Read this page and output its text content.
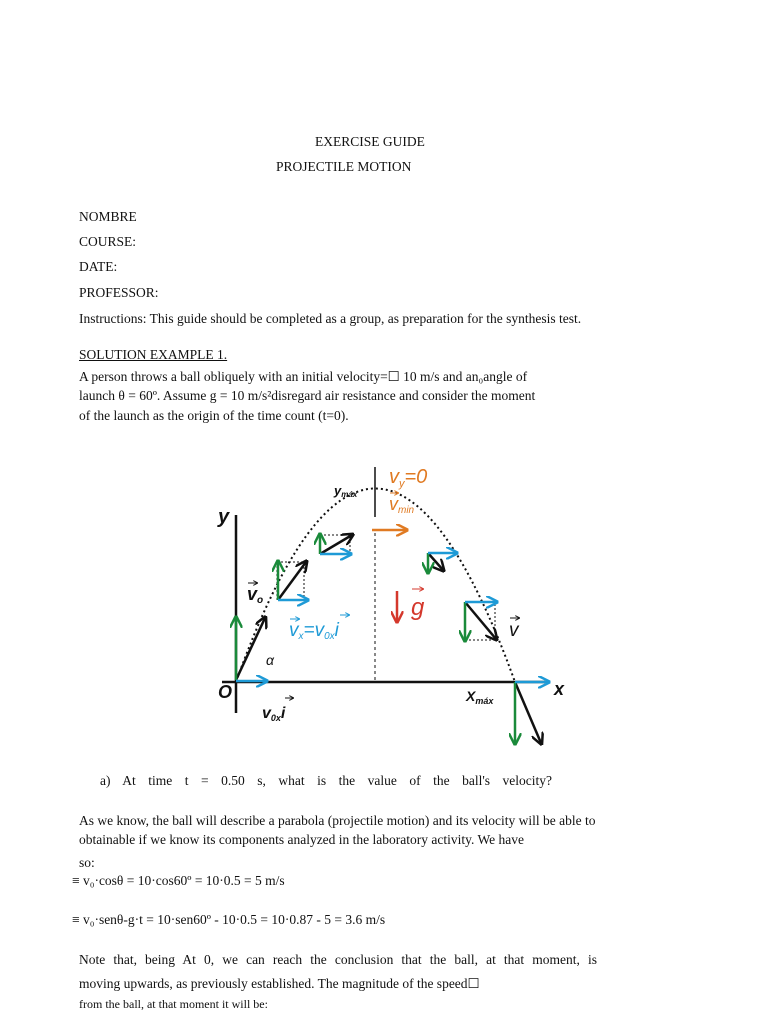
EXERCISE GUIDE
PROJECTILE MOTION
NOMBRE
COURSE:
DATE:
PROFESSOR:
Instructions: This guide should be completed as a group, as preparation for the synthesis test.
SOLUTION EXAMPLE 1.
A person throws a ball obliquely with an initial velocity=☐ 10 m/s and an₀angle of
launch θ = 60º. Assume g = 10 m/s²disregard air resistance and consider the moment
of the launch as the origin of the time count (t=0).
y
x
O
ymáx
$v_y=0$
vmin
α
g
v
vo
vx=v0xi
v0xi
$X_{máx}$
a) At time t = 0.50 s, what is the value of the ball's velocity?
As we know, the ball will describe a parabola (projectile motion) and its velocity will be able to
obtainable if we know its components analyzed in the laboratory activity. We have
so:
≡ v₀·cosθ = 10·cos60º = 10·0.5 = 5 m/s
≡ v₀·senθ-g·t = 10·sen60º - 10·0.5 = 10·0.87 - 5 = 3.6 m/s
Note that, being At 0, we can reach the conclusion that the ball, at that moment, is
moving upwards, as previously established. The magnitude of the speed☐
from the ball, at that moment it will be:
